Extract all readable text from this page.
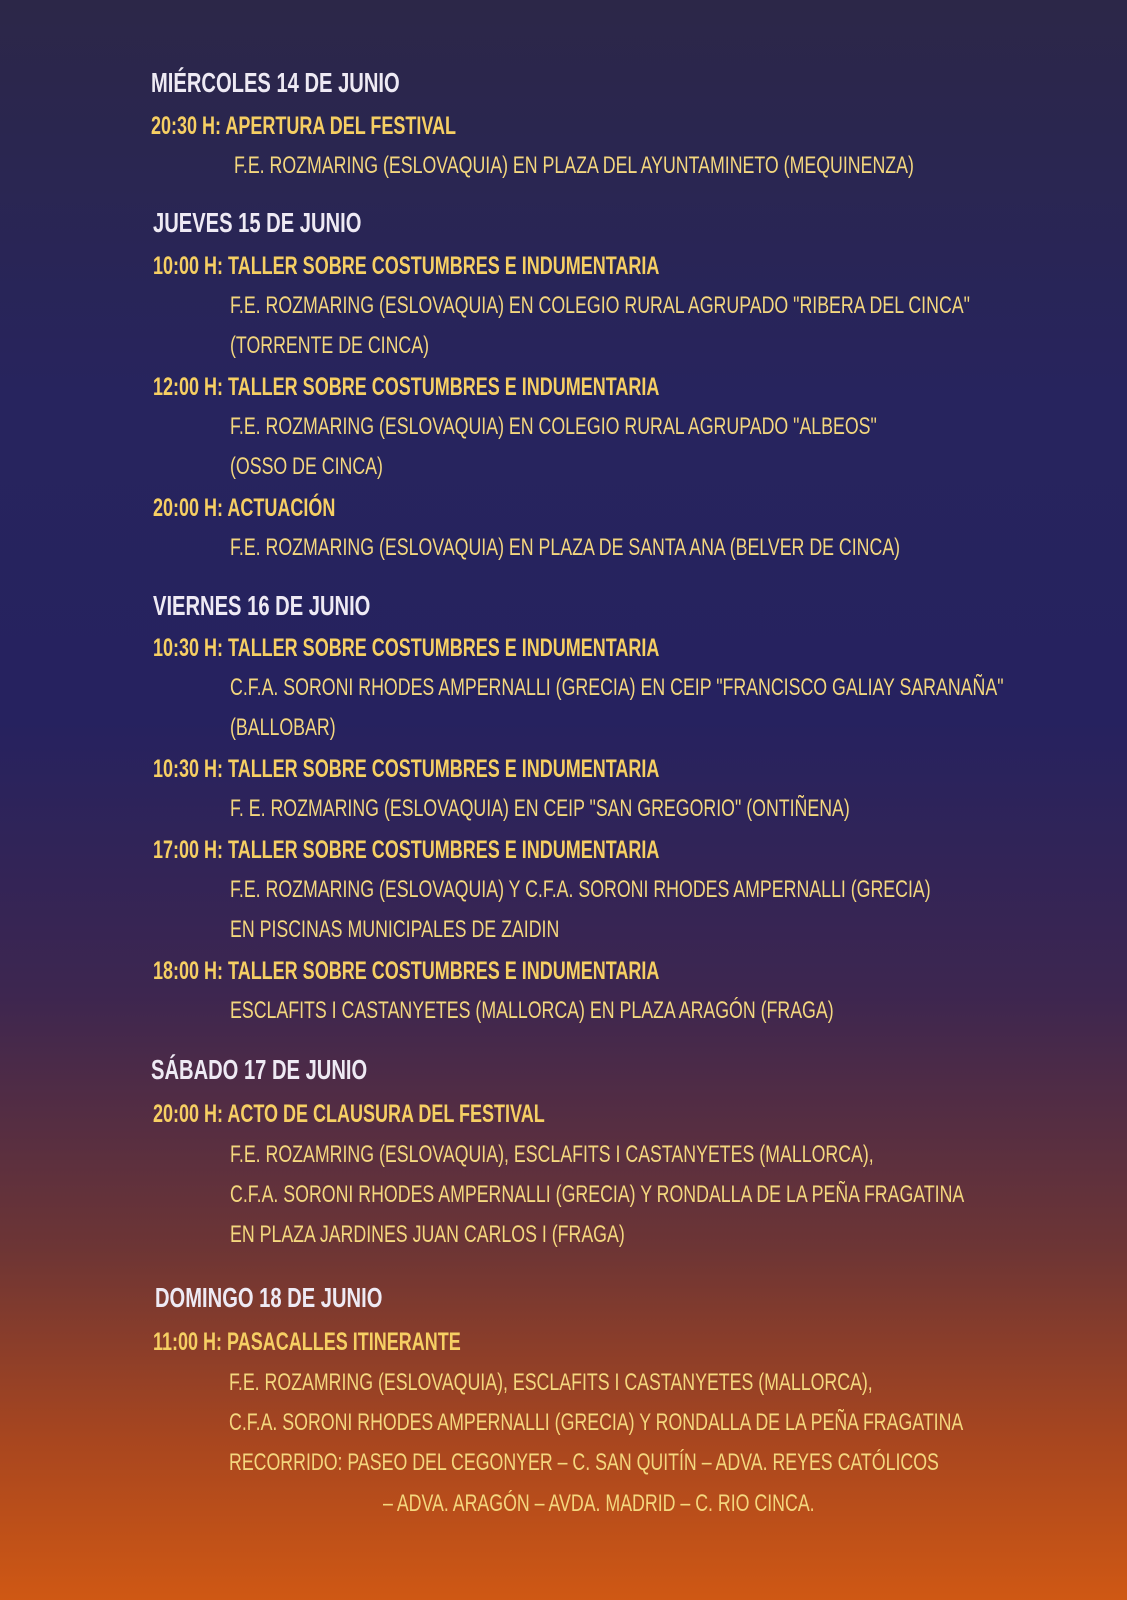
MIÉRCOLES 14 DE JUNIO
20:30 H: APERTURA DEL FESTIVAL
F.E. ROZMARING (ESLOVAQUIA) EN PLAZA DEL AYUNTAMINETO (MEQUINENZA)
JUEVES 15 DE JUNIO
10:00 H: TALLER SOBRE COSTUMBRES E INDUMENTARIA
F.E. ROZMARING (ESLOVAQUIA) EN COLEGIO RURAL AGRUPADO "RIBERA DEL CINCA"
(TORRENTE DE CINCA)
12:00 H: TALLER SOBRE COSTUMBRES E INDUMENTARIA
F.E. ROZMARING (ESLOVAQUIA) EN COLEGIO RURAL AGRUPADO "ALBEOS"
(OSSO DE CINCA)
20:00 H: ACTUACIÓN
F.E. ROZMARING (ESLOVAQUIA) EN PLAZA DE SANTA ANA (BELVER DE CINCA)
VIERNES 16 DE JUNIO
10:30 H: TALLER SOBRE COSTUMBRES E INDUMENTARIA
C.F.A. SORONI RHODES AMPERNALLI (GRECIA) EN CEIP "FRANCISCO GALIAY SARANAÑA"
(BALLOBAR)
10:30 H: TALLER SOBRE COSTUMBRES E INDUMENTARIA
F. E. ROZMARING (ESLOVAQUIA) EN CEIP "SAN GREGORIO" (ONTIÑENA)
17:00 H: TALLER SOBRE COSTUMBRES E INDUMENTARIA
F.E. ROZMARING (ESLOVAQUIA) Y C.F.A. SORONI RHODES AMPERNALLI (GRECIA)
EN PISCINAS MUNICIPALES DE ZAIDIN
18:00 H: TALLER SOBRE COSTUMBRES E INDUMENTARIA
ESCLAFITS I CASTANYETES (MALLORCA) EN PLAZA ARAGÓN (FRAGA)
SÁBADO 17 DE JUNIO
20:00 H: ACTO DE CLAUSURA DEL FESTIVAL
F.E. ROZAMRING (ESLOVAQUIA), ESCLAFITS I CASTANYETES (MALLORCA),
C.F.A. SORONI RHODES AMPERNALLI (GRECIA) Y RONDALLA DE LA PEÑA FRAGATINA
EN PLAZA JARDINES JUAN CARLOS I (FRAGA)
DOMINGO 18 DE JUNIO
11:00 H: PASACALLES ITINERANTE
F.E. ROZAMRING (ESLOVAQUIA), ESCLAFITS I CASTANYETES (MALLORCA),
C.F.A. SORONI RHODES AMPERNALLI (GRECIA) Y RONDALLA DE LA PEÑA FRAGATINA
RECORRIDO: PASEO DEL CEGONYER – C. SAN QUITÍN – ADVA. REYES CATÓLICOS
– ADVA. ARAGÓN – AVDA. MADRID – C. RIO CINCA.
